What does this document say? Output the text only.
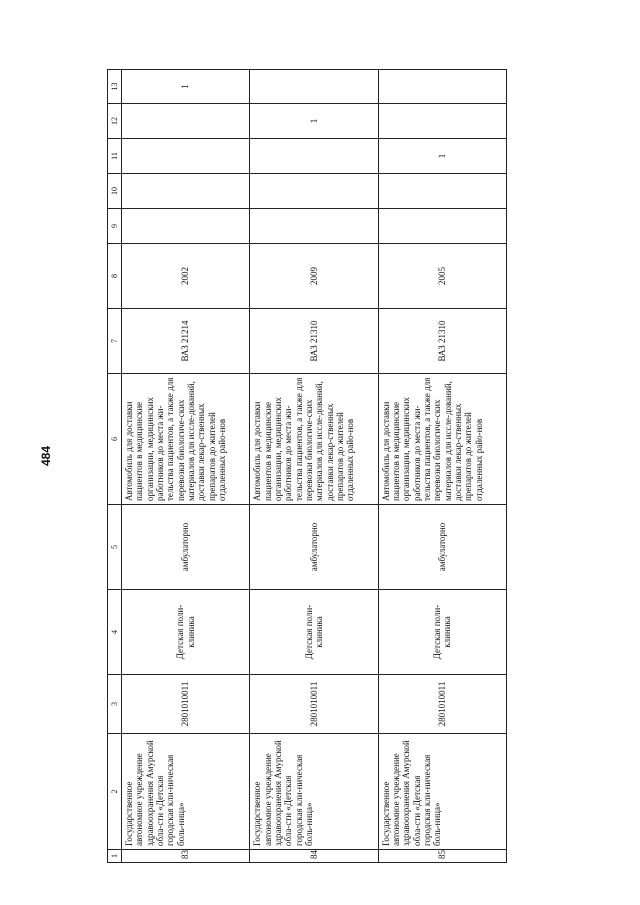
484
1	2	3	4	5	6	7	8	9	10	11	12	13
83	Государственное автономное учреждение здравоохранения Амурской обла-сти «Детская городская кли-ническая боль-ница»	2801010011	Детская поли-клиника	амбулаторно	Автомобиль для доставки пациентов в медицинские организации, медицинских работников до места жи-тельства пациентов, а также для перевозки биологиче-ских материалов для иссле-дований, доставки лекар-ственных препаратов до жителей отдаленных райо-нов	ВАЗ 21214	2002					1
84	Государственное автономное учреждение здравоохранения Амурской обла-сти «Детская городская кли-ническая боль-ница»	2801010011	Детская поли-клиника	амбулаторно	Автомобиль для доставки пациентов в медицинские организации, медицинских работников до места жи-тельства пациентов, а также для перевозки биологиче-ских материалов для иссле-дований, доставки лекар-ственных препаратов до жителей отдаленных райо-нов	ВАЗ 21310	2009				1	
85	Государственное автономное учреждение здравоохранения Амурской обла-сти «Детская городская кли-ническая боль-ница»	2801010011	Детская поли-клиника	амбулаторно	Автомобиль для доставки пациентов в медицинские организации, медицинских работников до места жи-тельства пациентов, а также для перевозки биологиче-ских материалов для иссле-дований, доставки лекар-ственных препаратов до жителей отдаленных райо-нов	ВАЗ 21310	2005			1		
